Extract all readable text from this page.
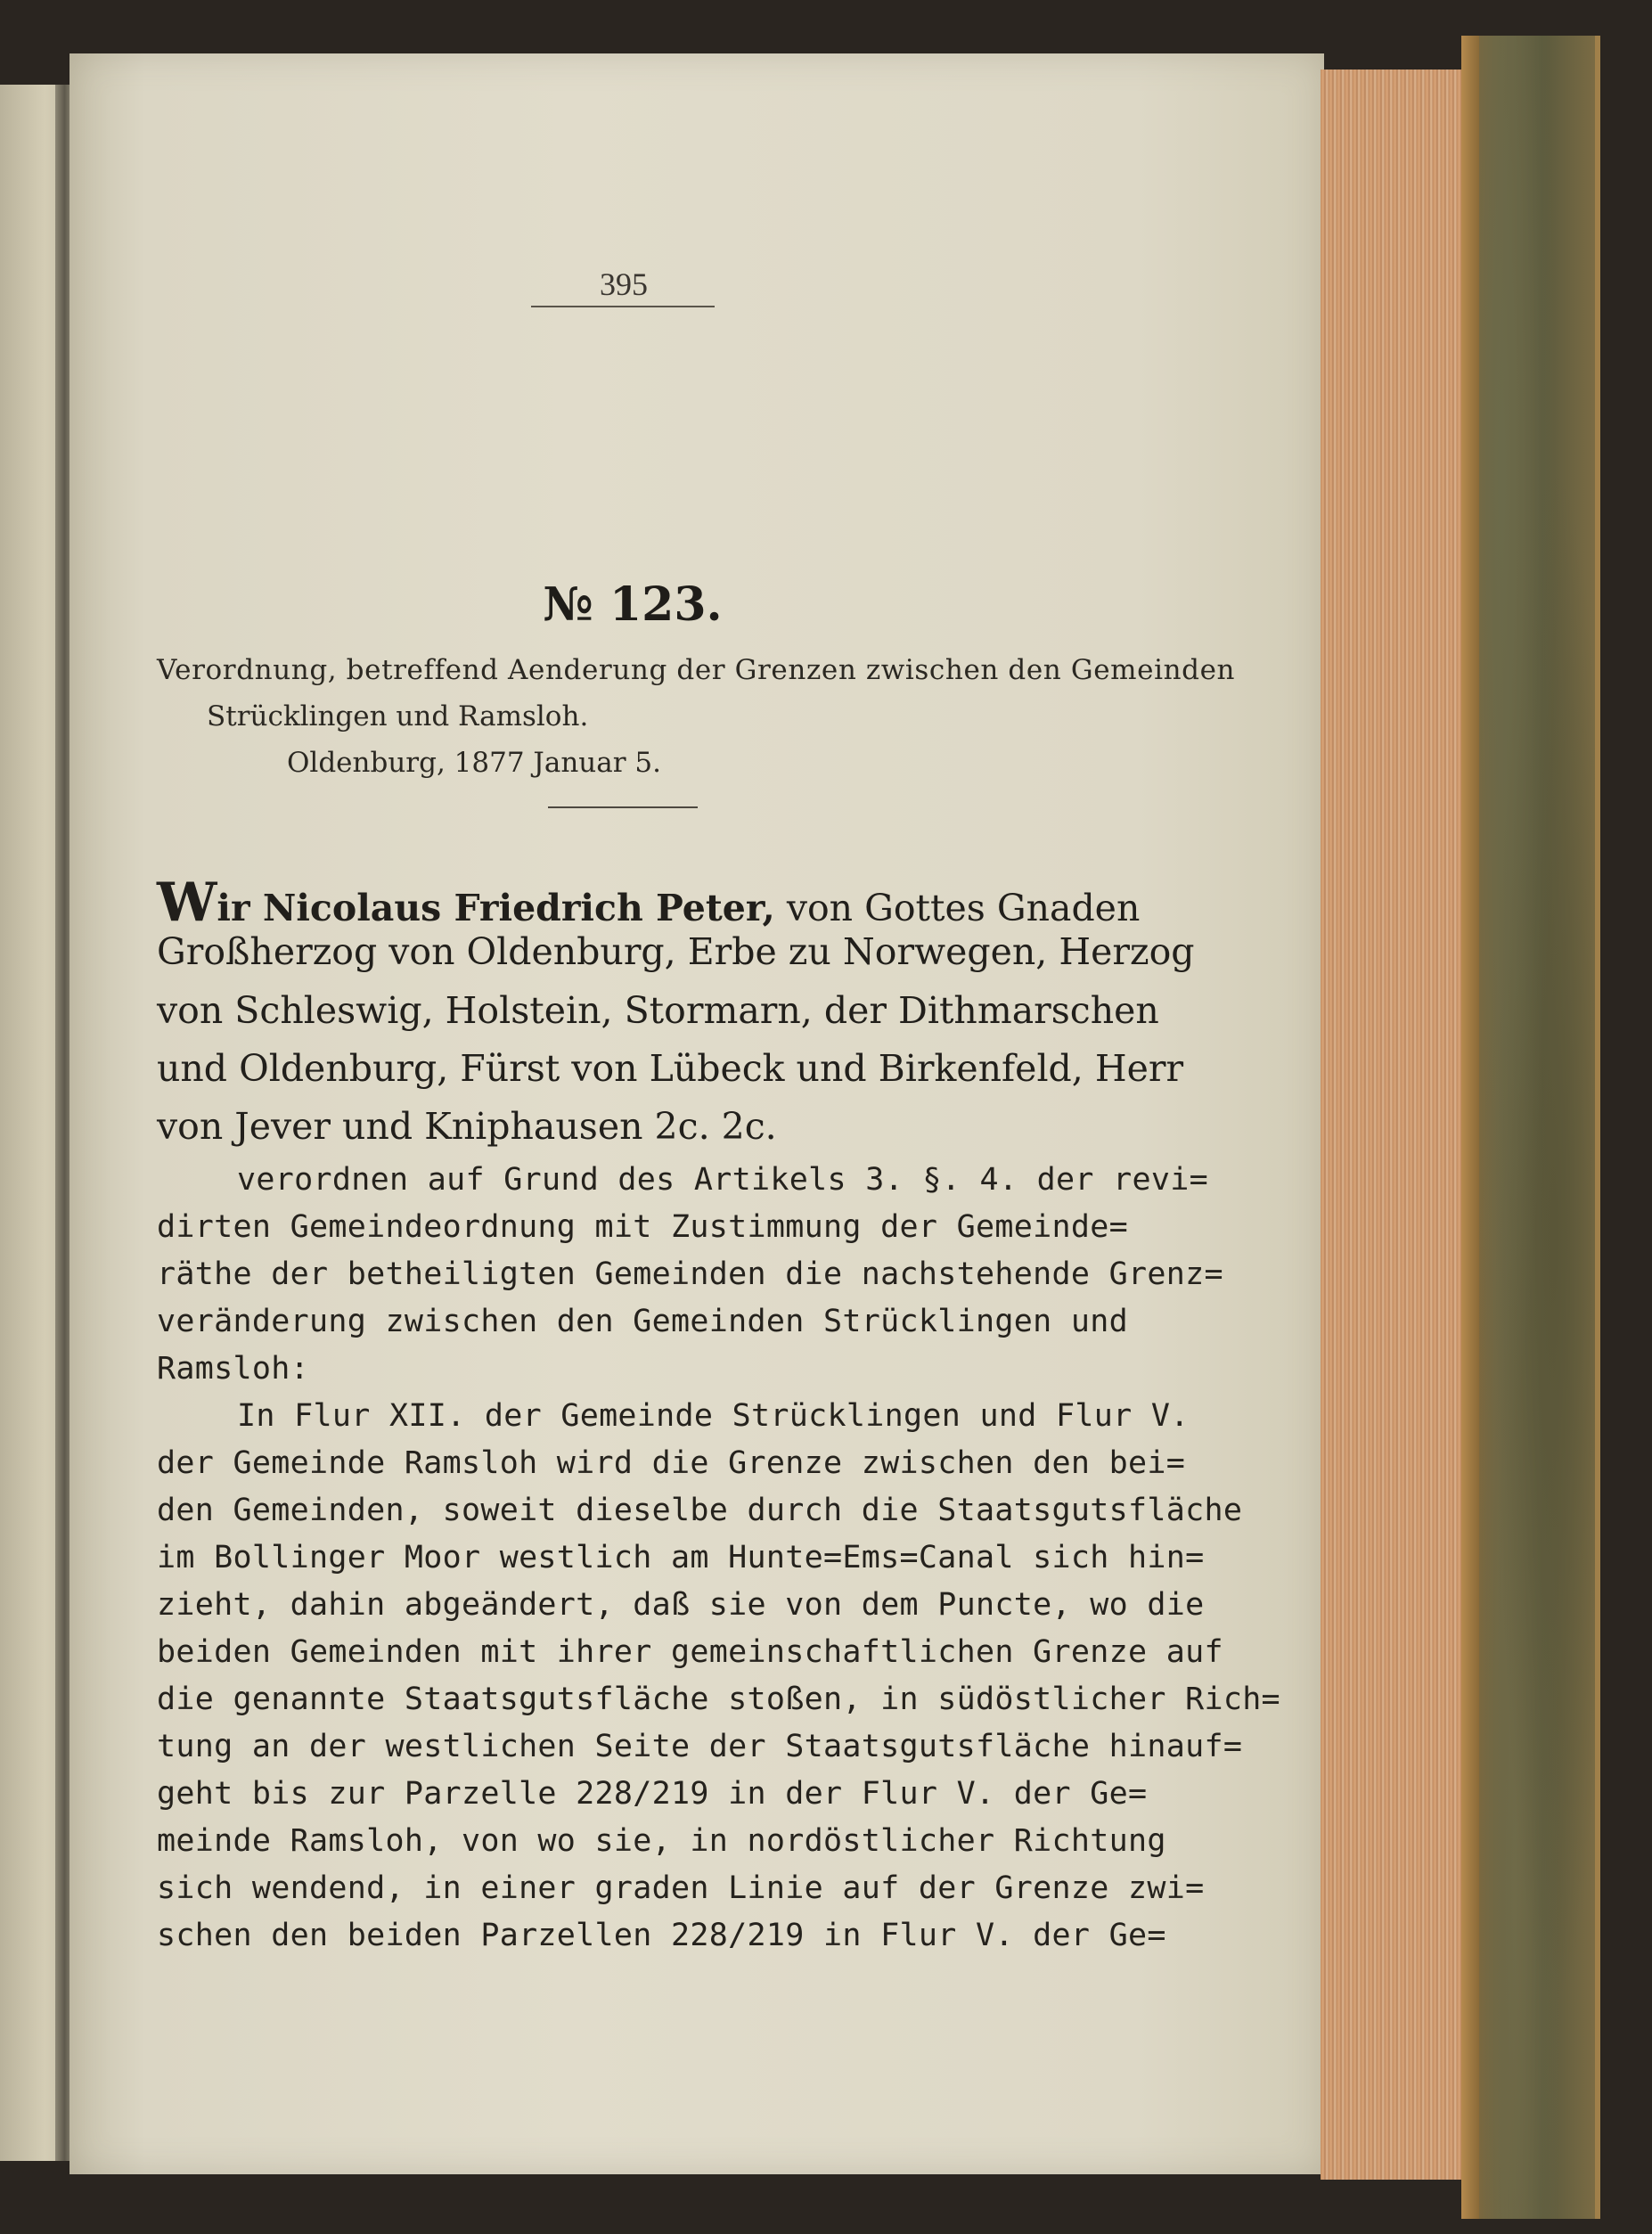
395
№ 123.
Verordnung, betreffend Aenderung der Grenzen zwischen den Gemeinden
Strücklingen und Ramsloh.
Oldenburg, 1877 Januar 5.
Wir Nicolaus Friedrich Peter, von Gottes Gnaden
Großherzog von Oldenburg, Erbe zu Norwegen, Herzog
von Schleswig, Holstein, Stormarn, der Dithmarschen
und Oldenburg, Fürst von Lübeck und Birkenfeld, Herr
von Jever und Kniphausen 2c. 2c.
verordnen auf Grund des Artikels 3. §. 4. der revi=
dirten Gemeindeordnung mit Zustimmung der Gemeinde=
räthe der betheiligten Gemeinden die nachstehende Grenz=
veränderung zwischen den Gemeinden Strücklingen und
Ramsloh:
In Flur XII. der Gemeinde Strücklingen und Flur V.
der Gemeinde Ramsloh wird die Grenze zwischen den bei=
den Gemeinden, soweit dieselbe durch die Staatsgutsfläche
im Bollinger Moor westlich am Hunte=Ems=Canal sich hin=
zieht, dahin abgeändert, daß sie von dem Puncte, wo die
beiden Gemeinden mit ihrer gemeinschaftlichen Grenze auf
die genannte Staatsgutsfläche stoßen, in südöstlicher Rich=
tung an der westlichen Seite der Staatsgutsfläche hinauf=
geht bis zur Parzelle 228/219 in der Flur V. der Ge=
meinde Ramsloh, von wo sie, in nordöstlicher Richtung
sich wendend, in einer graden Linie auf der Grenze zwi=
schen den beiden Parzellen 228/219 in Flur V. der Ge=
